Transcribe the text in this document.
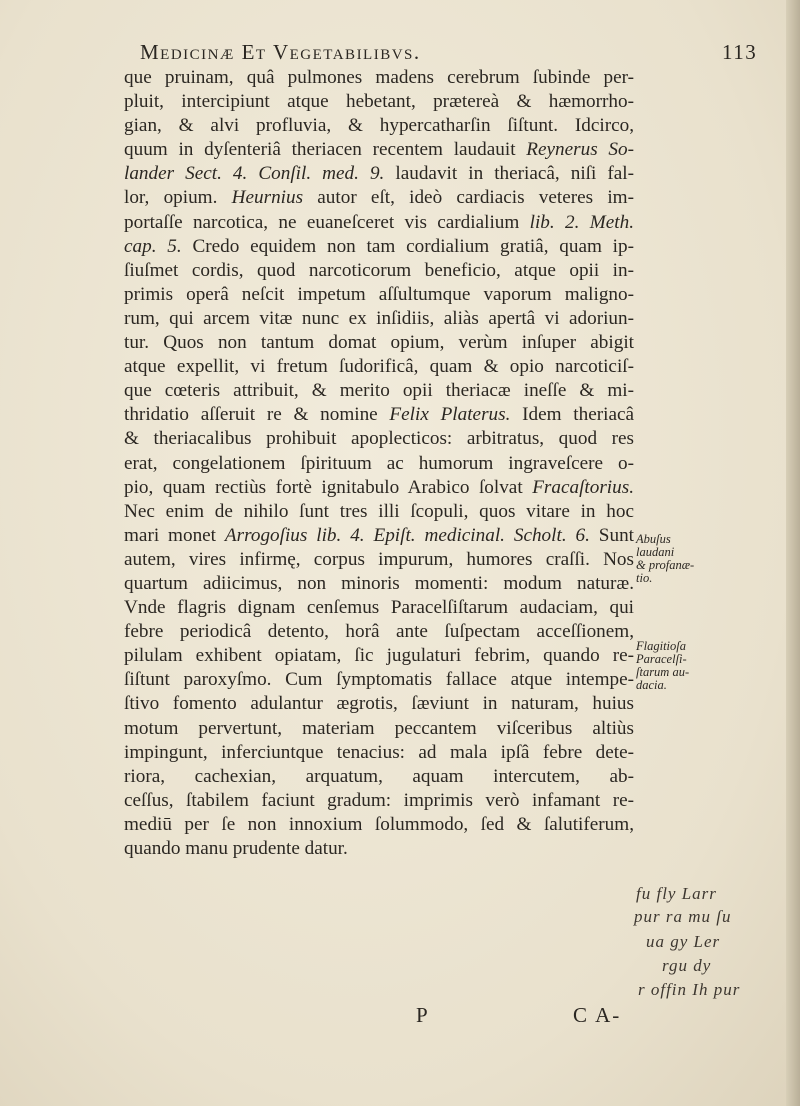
Medicinæ Et Vegetabilibvs.	113
que pruinam, quâ pulmones madens cerebrum ſubinde per-
pluit, intercipiunt atque hebetant, prætereà & hæmorrho-
gian, & alvi profluvia, & hypercatharſin ſiſtunt. Idcirco,
quum in dyſenteriâ theriacen recentem laudauit Reynerus So-
lander Sect. 4. Conſil. med. 9. laudavit in theriacâ, niſi fal-
lor, opium. Heurnius autor eſt, ideò cardiacis veteres im-
portaſſe narcotica, ne euaneſceret vis cardialium lib. 2. Meth.
cap. 5. Credo equidem non tam cordialium gratiâ, quam ip-
ſiuſmet cordis, quod narcoticorum beneficio, atque opii in-
primis operâ neſcit impetum aſſultumque vaporum maligno-
rum, qui arcem vitæ nunc ex inſidiis, aliàs apertâ vi adoriun-
tur. Quos non tantum domat opium, verùm inſuper abigit
atque expellit, vi fretum ſudorificâ, quam & opio narcoticiſ-
que cœteris attribuit, & merito opii theriacæ ineſſe & mi-
thridatio aſſeruit re & nomine Felix Platerus. Idem theriacâ
& theriacalibus prohibuit apoplecticos: arbitratus, quod res
erat, congelationem ſpirituum ac humorum ingraveſcere o-
pio, quam rectiùs fortè ignitabulo Arabico ſolvat Fracaſtorius.
Nec enim de nihilo ſunt tres illi ſcopuli, quos vitare in hoc
mari monet Arrogoſius lib. 4. Epiſt. medicinal. Scholt. 6. Sunt
autem, vires infirmę, corpus impurum, humores craſſi. Nos
quartum adiicimus, non minoris momenti: modum naturæ.
Vnde flagris dignam cenſemus Paracelſiſtarum audaciam, qui
febre periodicâ detento, horâ ante ſuſpectam acceſſionem,
pilulam exhibent opiatam, ſic jugulaturi febrim, quando re-
ſiſtunt paroxyſmo. Cum ſymptomatis fallace atque intempe-
ſtivo fomento adulantur ægrotis, ſæviunt in naturam, huius
motum pervertunt, materiam peccantem viſceribus altiùs
impingunt, inferciuntque tenacius: ad mala ipſâ febre dete-
riora, cachexian, arquatum, aquam intercutem, ab-
ceſſus, ſtabilem faciunt gradum: imprimis verò infamant re-
mediū per ſe non innoxium ſolummodo, ſed & ſalutiferum,
quando manu prudente datur.
Abuſus
laudani
& profanæ-
tio.
Flagitioſa
Paracelſi-
ſtarum au-
dacia.
fu fly Larr
pur ra mu ſu
ua gy Ler
rgu dy
r offin Ih pur
P	C A-
